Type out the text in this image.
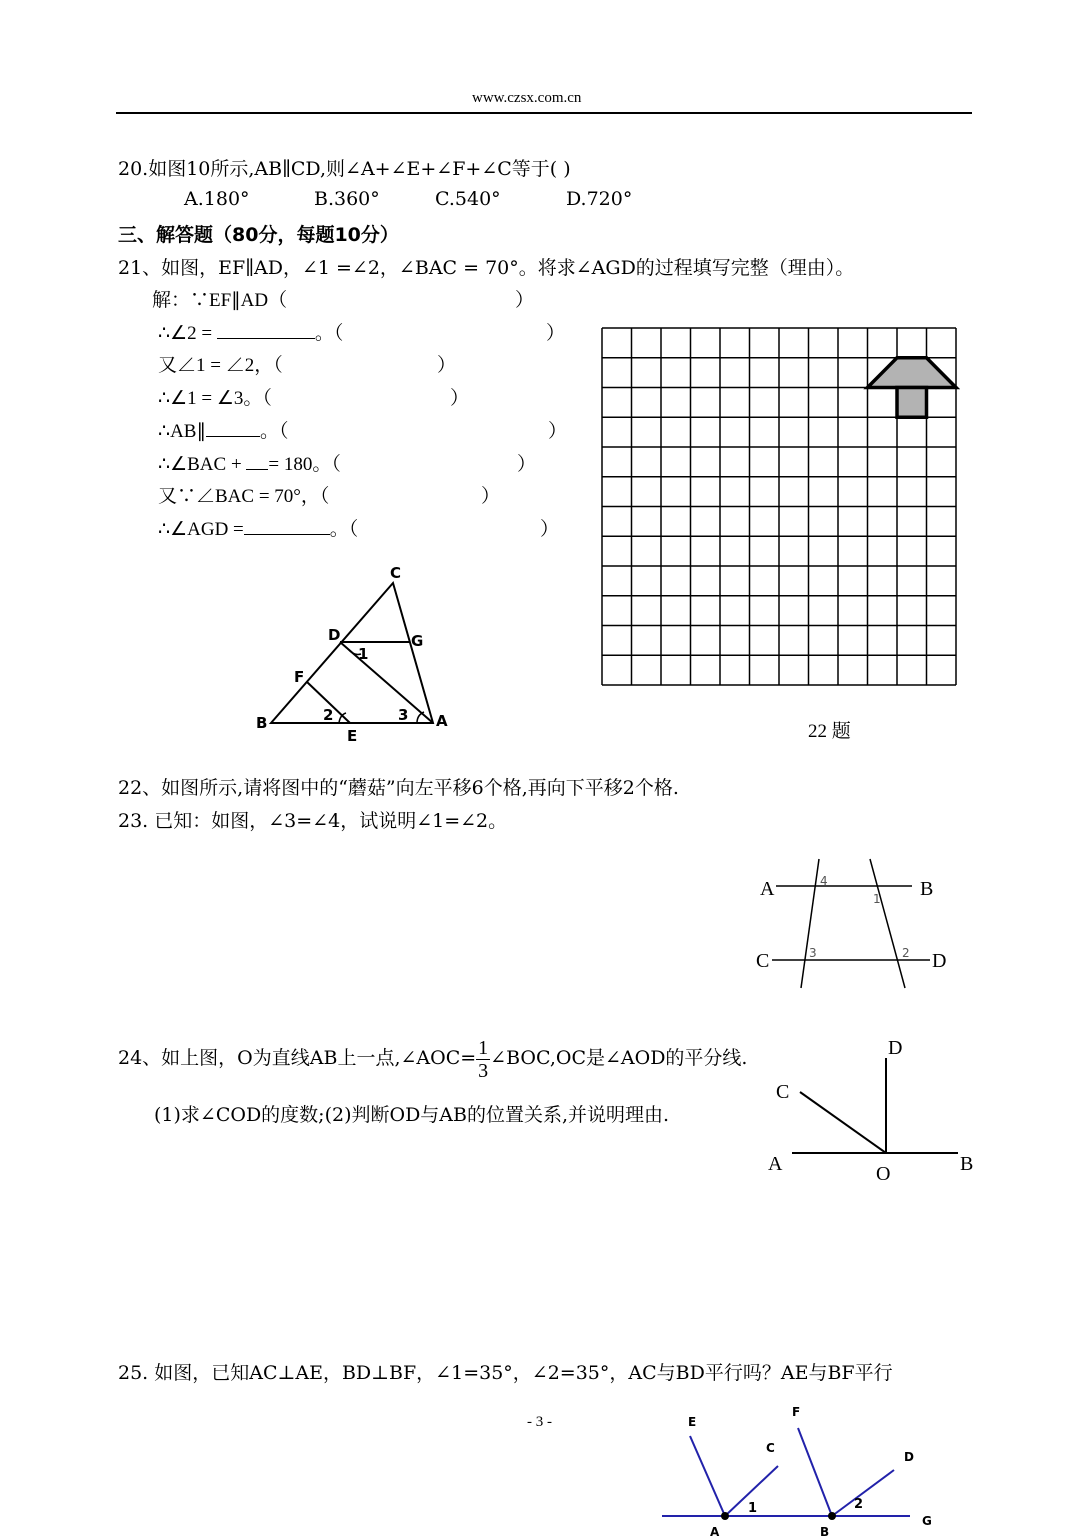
www.czsx.com.cn
20.如图10所示,AB∥CD,则∠A+∠E+∠F+∠C等于( )
A.180°	B.360°	C.540°	D.720°
三、解答题（80分，每题10分）
21、如图，EF∥AD，∠1 =∠2，∠BAC = 70°。将求∠AGD的过程填写完整（理由）。
解：∵EF∥AD（	）
∴∠2 =	。（	）
又∠1 = ∠2，（	）
∴∠1 = ∠3。（	）
∴AB∥	。（	）
∴∠BAC + = 180。（	）
又∵∠BAC = 70°，（	）
∴∠AGD =	。（	）
C
D	G
1
F
2	3
B	A
E	22 题
22、如图所示,请将图中的“蘑菇”向左平移6个格,再向下平移2个格.
23. 已知：如图，∠3=∠4，试说明∠1=∠2。
A	B
C	D
4
1
3	2
24、如上图，O为直线AB上一点,∠AOC= $\frac{1}{3}$ ∠BOC,OC是∠AOD的平分线.
(1)求∠COD的度数;(2)判断OD与AB的位置关系,并说明理由.
D
C
A	O	B
25. 如图，已知AC⊥AE，BD⊥BF，∠1=35°，∠2=35°，AC与BD平行吗？AE与BF平行
- 3 -	E
F
C
D
G
1	2
A	B
